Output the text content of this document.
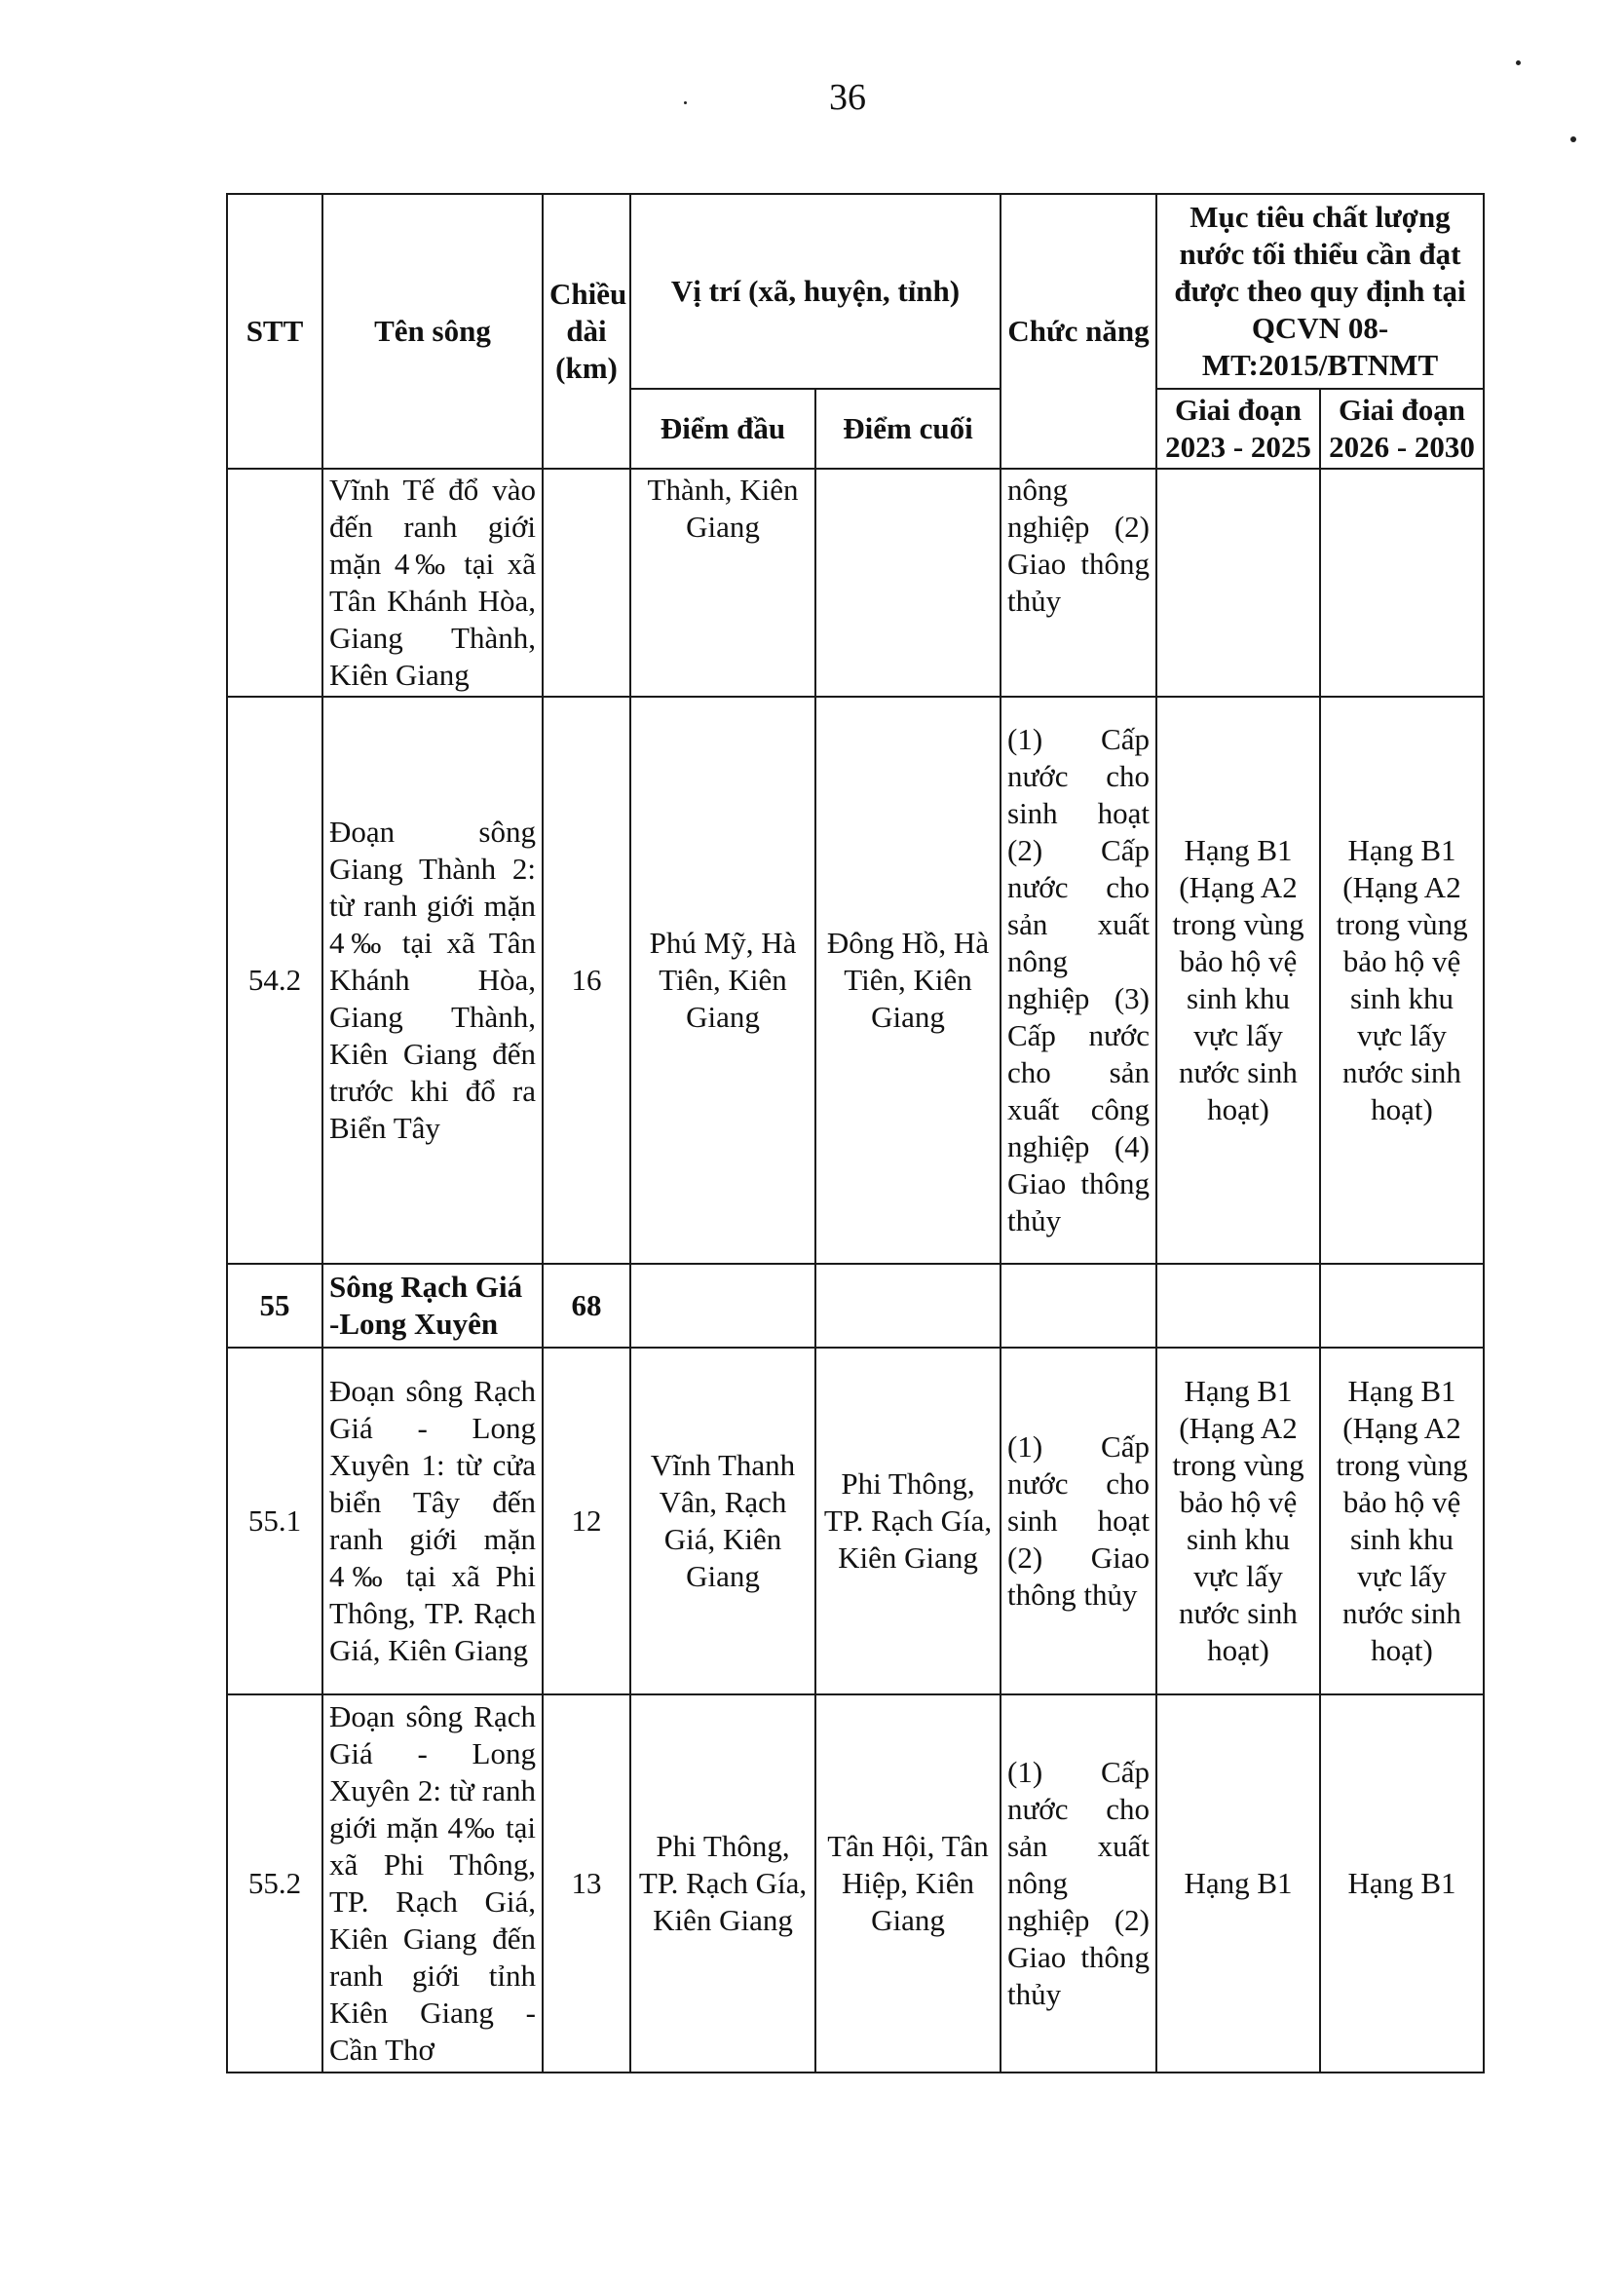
36
STT	Tên sông	Chiều dài (km)	Vị trí (xã, huyện, tỉnh)		Chức năng	Mục tiêu chất lượng nước tối thiểu cần đạt được theo quy định tại QCVN 08-MT:2015/BTNMT	
			Điểm đầu	Điểm cuối		Giai đoạn 2023 - 2025	Giai đoạn 2026 - 2030
	Vĩnh Tế đổ vào đến ranh giới mặn 4‰ tại xã Tân Khánh Hòa, Giang Thành, Kiên Giang		Thành, Kiên Giang		nông nghiệp (2) Giao thông thủy		
54.2	Đoạn sông Giang Thành 2: từ ranh giới mặn 4‰ tại xã Tân Khánh Hòa, Giang Thành, Kiên Giang đến trước khi đổ ra Biển Tây	16	Phú Mỹ, Hà Tiên, Kiên Giang	Đông Hồ, Hà Tiên, Kiên Giang	(1) Cấp nước cho sinh hoạt (2) Cấp nước cho sản xuất nông nghiệp (3) Cấp nước cho sản xuất công nghiệp (4) Giao thông thủy	Hạng B1 (Hạng A2 trong vùng bảo hộ vệ sinh khu vực lấy nước sinh hoạt)	Hạng B1 (Hạng A2 trong vùng bảo hộ vệ sinh khu vực lấy nước sinh hoạt)
55	Sông Rạch Giá -Long Xuyên	68					
55.1	Đoạn sông Rạch Giá - Long Xuyên 1: từ cửa biển Tây đến ranh giới mặn 4‰ tại xã Phi Thông, TP. Rạch Giá, Kiên Giang	12	Vĩnh Thanh Vân, Rạch Giá, Kiên Giang	Phi Thông, TP. Rạch Gía, Kiên Giang	(1) Cấp nước cho sinh hoạt (2) Giao thông thủy	Hạng B1 (Hạng A2 trong vùng bảo hộ vệ sinh khu vực lấy nước sinh hoạt)	Hạng B1 (Hạng A2 trong vùng bảo hộ vệ sinh khu vực lấy nước sinh hoạt)
55.2	Đoạn sông Rạch Giá - Long Xuyên 2: từ ranh giới mặn 4‰ tại xã Phi Thông, TP. Rạch Giá, Kiên Giang đến ranh giới tỉnh Kiên Giang - Cần Thơ	13	Phi Thông, TP. Rạch Gía, Kiên Giang	Tân Hội, Tân Hiệp, Kiên Giang	(1) Cấp nước cho sản xuất nông nghiệp (2) Giao thông thủy	Hạng B1	Hạng B1
